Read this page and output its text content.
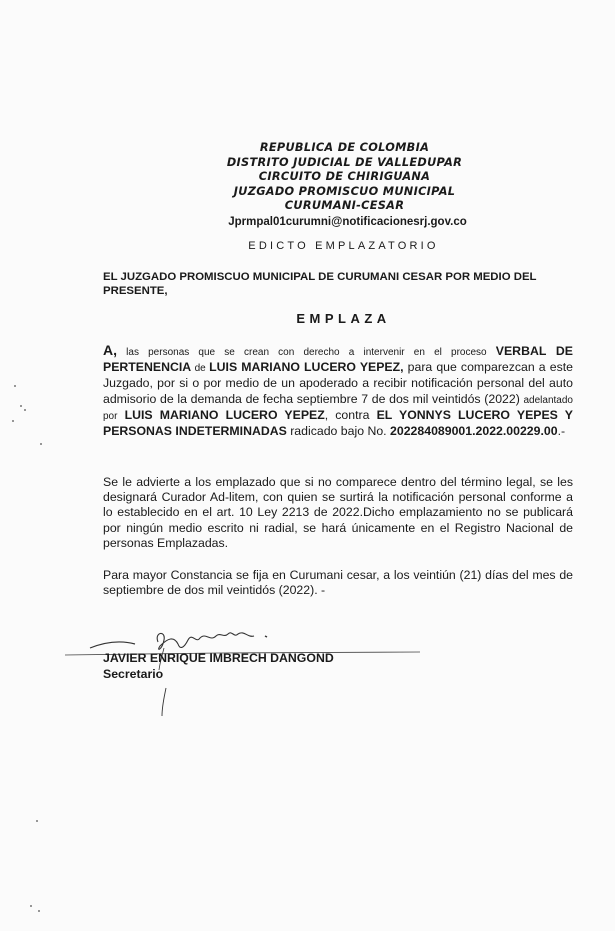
REPUBLICA DE COLOMBIA

DISTRITO JUDICIAL DE VALLEDUPAR

CIRCUITO DE CHIRIGUANA

JUZGADO PROMISCUO MUNICIPAL

CURUMANI-CESAR

Jprmpal01curumni@notificacionesrj.gov.co
EDICTO EMPLAZATORIO
EL JUZGADO PROMISCUO MUNICIPAL DE CURUMANI CESAR POR MEDIO DEL PRESENTE,
EMPLAZA
A, las personas que se crean con derecho a intervenir en el proceso VERBAL DE PERTENENCIA de LUIS MARIANO LUCERO YEPEZ, para que comparezcan a este Juzgado, por si o por medio de un apoderado a recibir notificación personal del auto admisorio de la demanda de fecha septiembre 7 de dos mil veintidós (2022) adelantado por LUIS MARIANO LUCERO YEPEZ, contra EL YONNYS LUCERO YEPES Y PERSONAS INDETERMINADAS radicado bajo No. 202284089001.2022.00229.00.-
Se le advierte a los emplazado que si no comparece dentro del término legal, se les designará Curador Ad-litem, con quien se surtirá la notificación personal conforme a lo establecido en el art. 10 Ley 2213 de 2022.Dicho emplazamiento no se publicará por ningún medio escrito ni radial, se hará únicamente en el Registro Nacional de personas Emplazadas.
Para mayor Constancia se fija en Curumani cesar, a los veintiún (21) días del mes de septiembre de dos mil veintidós (2022). -
JAVIER ENRIQUE IMBRECH DANGOND
Secretario
